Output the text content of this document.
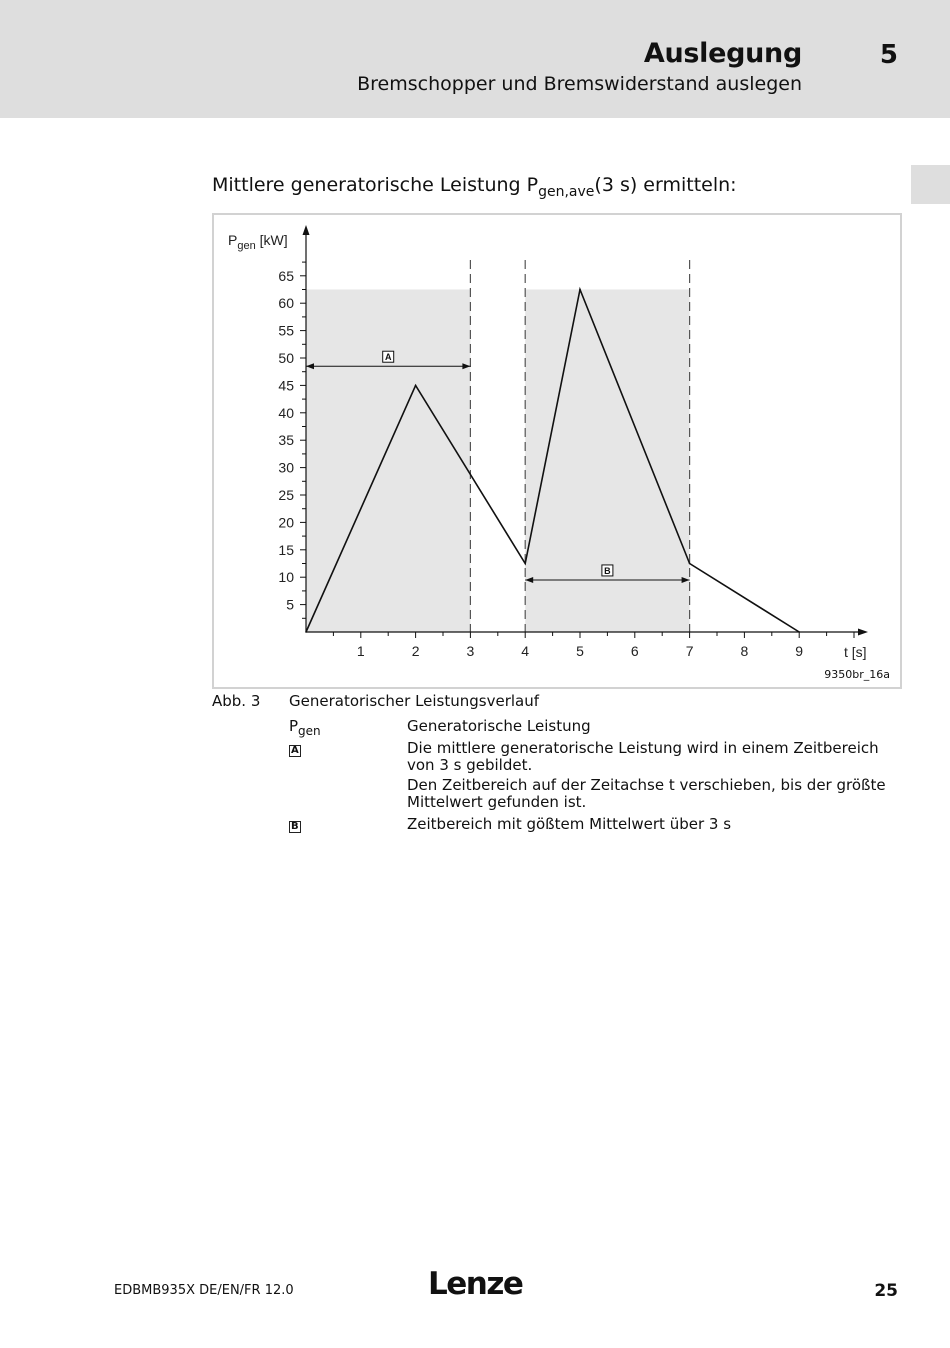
Auslegung	5
Bremschopper und Bremswiderstand auslegen
Mittlere generatorische Leistung $P_{gen,ave}(3$ s) ermitteln:
5
10
15
20
25
30
35
40
45
50
55
60
65
1	2	3	4	5	6	7	8	9
$P_{gen}$ [kW]
t [s]
A
B
9350br_16a
Abb. 3 Generatorischer Leistungsverlauf
$P_{gen}$	Generatorische Leistung
A	Die mittlere generatorische Leistung wird in einem Zeitbereich von 3 s gebildet.

Den Zeitbereich auf der Zeitachse t verschieben, bis der größte Mittelwert gefunden ist.

B	Zeitbereich mit gößtem Mittelwert über 3 s
EDBMB935X DE/EN/FR 12.0	Lenze	25
